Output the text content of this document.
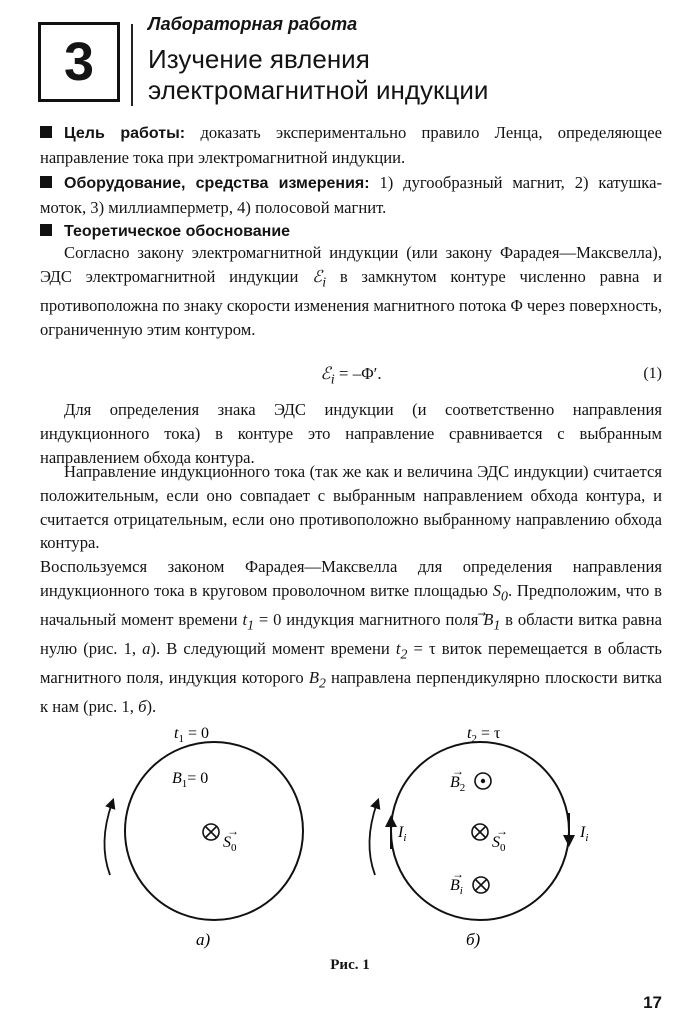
3
Лабораторная работа
Изучение явления
электромагнитной индукции
Цель работы: доказать экспериментально правило Ленца, определяющее направление тока при электромагнитной индукции.
Оборудование, средства измерения: 1) дугообразный магнит, 2) катушка-моток, 3) миллиамперметр, 4) полосовой магнит.
Теоретическое обоснование
Согласно закону электромагнитной индукции (или закону Фарадея—Максвелла), ЭДС электромагнитной индукции ℰ$_i$ в замкнутом контуре численно равна и противоположна по знаку скорости изменения магнитного потока Φ через поверхность, ограниченную этим контуром.
ℰ$_i$ = –Φ′.	(1)
Для определения знака ЭДС индукции (и соответственно направления индукционного тока) в контуре это направление сравнивается с выбранным направлением обхода контура.
Направление индукционного тока (так же как и величина ЭДС индукции) считается положительным, если оно совпадает с выбранным направлением обхода контура, и считается отрицательным, если оно противоположно выбранному направлению обхода контура.
Воспользуемся законом Фарадея—Максвелла для определения направления индукционного тока в круговом проволочном витке площадью $S_0$. Предположим, что в начальный момент времени $t_1 = 0$ индукция магнитного поля $B_1$ в области витка равна нулю (рис. 1, а). В следующий момент времени $t_2 = \tau$ виток перемещается в область магнитного поля, индукция которого $B_2$ направлена перпендикулярно плоскости витка к нам (рис. 1, б).
$t_1 = 0$
$B_1= 0$
$S_0$
→
а)
$t_2 = \tau$
$B_2$
→
$S_0$
→
$B_i$
→
$I_i$	$I_i$
б)
Рис. 1
17
